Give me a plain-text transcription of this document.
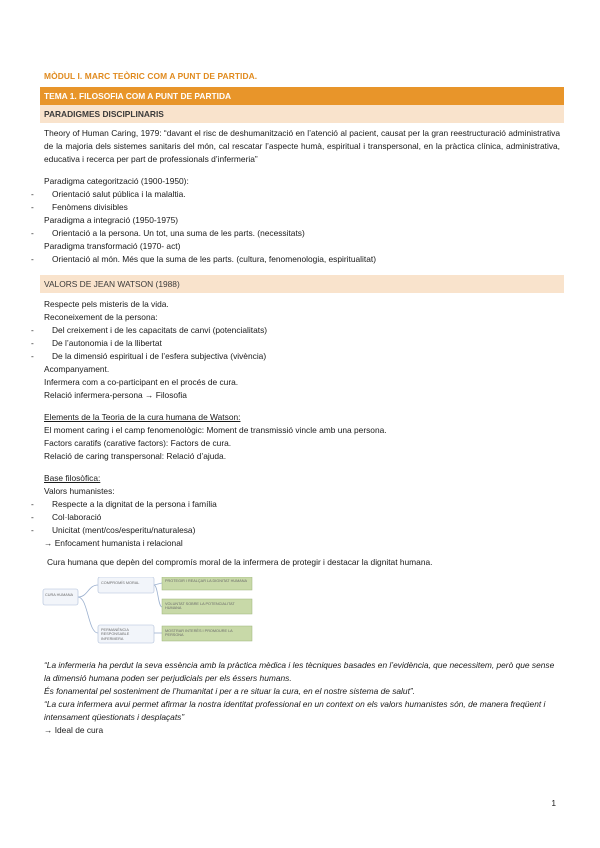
MÒDUL I. MARC TEÒRIC COM A PUNT DE PARTIDA.
TEMA 1. FILOSOFIA COM A PUNT DE PARTIDA
PARADIGMES DISCIPLINARIS
Theory of Human Caring, 1979: “davant el risc de deshumanització en l’atenció al pacient, causat per la gran reestructuració administrativa de la majoria dels sistemes sanitaris del món, cal rescatar l’aspecte humà, espiritual i transpersonal, en la pràctica clínica, administrativa, educativa i recerca per part de professionals d’infermeria”
Paradigma categorització (1900-1950):
- Orientació salut pública i la malaltia.
- Fenòmens divisibles
Paradigma a integració (1950-1975)
- Orientació a la persona. Un tot, una suma de les parts. (necessitats)
Paradigma transformació (1970- act)
- Orientació al món. Més que la suma de les parts. (cultura, fenomenologia, espiritualitat)
VALORS DE JEAN WATSON (1988)
Respecte pels misteris de la vida.
Reconeixement de la persona:
- Del creixement i de les capacitats de canvi (potencialitats)
- De l’autonomia i de la llibertat
- De la dimensió espiritual i de l’esfera subjectiva (vivència)
Acompanyament.
Infermera com a co-participant en el procés de cura.
Relació infermera-persona → Filosofia
Elements de la Teoria de la cura humana de Watson:
El moment caring i el camp fenomenològic: Moment de transmissió vincle amb una persona.
Factors caratifs (carative factors): Factors de cura.
Relació de caring transpersonal: Relació d’ajuda.
Base filosòfica:
Valors humanistes:
- Respecte a la dignitat de la persona i família
- Col·laboració
- Unicitat (ment/cos/esperitu/naturalesa)
→ Enfocament humanista i relacional
Cura humana que depèn del compromís moral de la infermera de protegir i destacar la dignitat humana.
CURA HUMANA
COMPROMÍS MORAL
PERMANÈNCIA RESPONSABLE INFERMERA
PROTEGIR I REALÇAR LA DIGNITAT HUMANA
VOLUNTAT SOBRE LA POTENCIALITAT HUMANA
MOSTRAR INTERÈS I PROMOURE LA PERSONA
“La infermeria ha perdut la seva essència amb la pràctica mèdica i les tècniques basades en l’evidència, que necessitem, però que sense la dimensió humana poden ser perjudicials per els éssers humans.
És fonamental pel sosteniment de l’humanitat i per a re situar la cura, en el nostre sistema de salut”.
“La cura infermera avui permet afirmar la nostra identitat professional en un context on els valors humanistes són, de manera freqüent i intensament qüestionats i desplaçats”
→ Ideal de cura
1
